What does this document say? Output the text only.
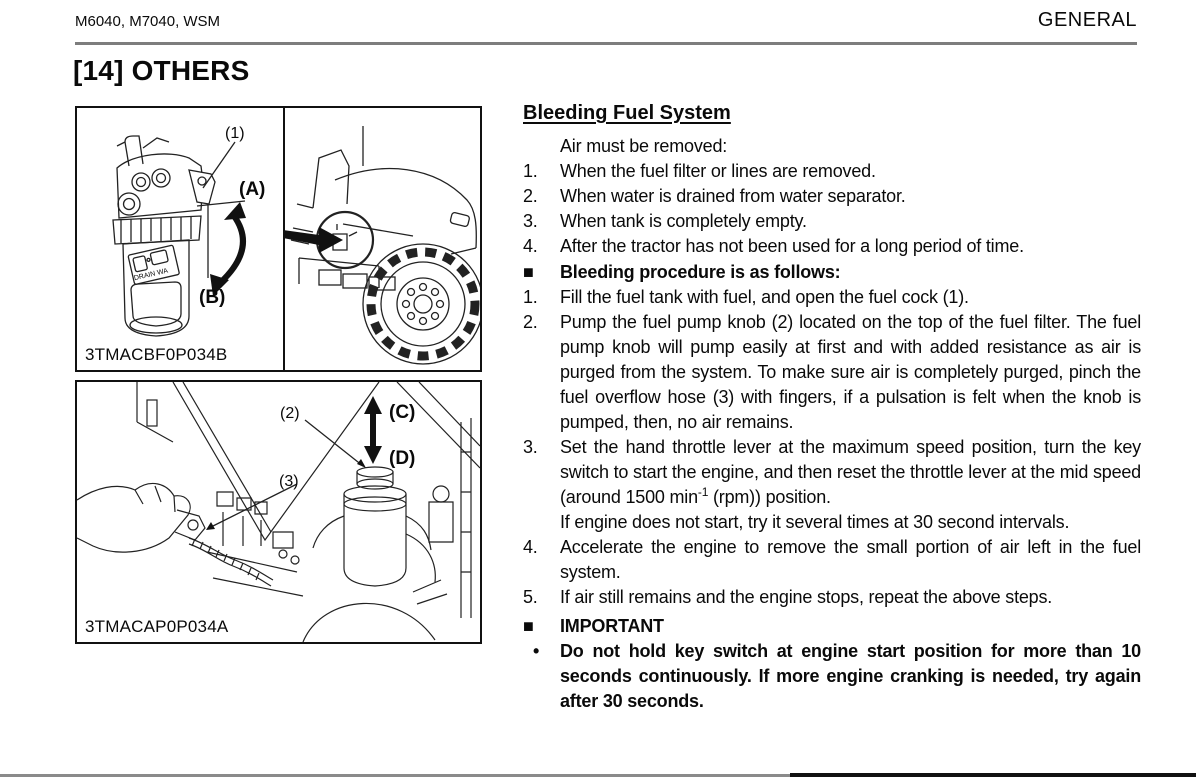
M6040, M7040, WSM	GENERAL
[14] OTHERS
DRAIN WA
(1)
(A)
(B)
3TMACBF0P034B
(2)	(C)
(D)
(3)
3TMACAP0P034A
Bleeding Fuel System
Air must be removed:
1.	When the fuel filter or lines are removed.
2.	When water is drained from water separator.
3.	When tank is completely empty.
4.	After the tractor has not been used for a long period of time.
■	Bleeding procedure is as follows:
1.	Fill the fuel tank with fuel, and open the fuel cock (1).
2.	Pump the fuel pump knob (2) located on the top of the fuel filter. The fuel pump knob will pump easily at first and with added resistance as air is purged from the system. To make sure air is completely purged, pinch the fuel overflow hose (3) with fingers, if a pulsation is felt when the knob is pumped, then, no air remains.
3.	Set the hand throttle lever at the maximum speed position, turn the key switch to start the engine, and then reset the throttle lever at the mid speed (around 1500 $\min^{-1} (rpm)$) position.
If engine does not start, try it several times at 30 second intervals.
4.	Accelerate the engine to remove the small portion of air left in the fuel system.
5.	If air still remains and the engine stops, repeat the above steps.
■	IMPORTANT
•	Do not hold key switch at engine start position for more than 10 seconds continuously. If more engine cranking is needed, try again after 30 seconds.
